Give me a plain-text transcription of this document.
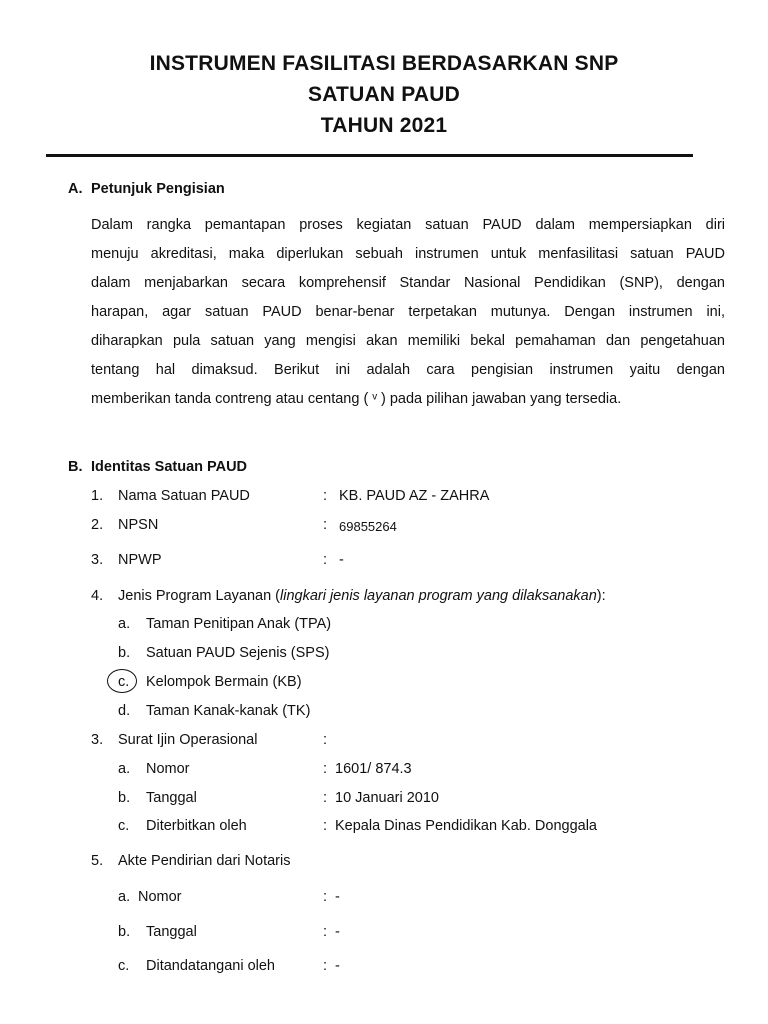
INSTRUMEN FASILITASI BERDASARKAN SNP
SATUAN PAUD
TAHUN 2021
A. Petunjuk Pengisian
Dalam rangka pemantapan proses kegiatan satuan PAUD dalam mempersiapkan diri
menuju akreditasi, maka diperlukan sebuah instrumen untuk menfasilitasi satuan PAUD
dalam menjabarkan secara komprehensif Standar Nasional Pendidikan (SNP), dengan
harapan, agar satuan PAUD benar-benar terpetakan mutunya. Dengan instrumen ini,
diharapkan pula satuan yang mengisi akan memiliki bekal pemahaman dan pengetahuan
tentang hal dimaksud. Berikut ini adalah cara pengisian instrumen yaitu dengan
memberikan tanda contreng atau centang ( ᵛ ) pada pilihan jawaban yang tersedia.
B. Identitas Satuan PAUD
1. Nama Satuan PAUD	: KB. PAUD AZ - ZAHRA
2. NPSN	: 69855264
3. NPWP	: -
4. Jenis Program Layanan (lingkari jenis layanan program yang dilaksanakan):
a. Taman Penitipan Anak (TPA)
b. Satuan PAUD Sejenis (SPS)
c. Kelompok Bermain (KB)
d. Taman Kanak-kanak (TK)
3. Surat Ijin Operasional	:
a. Nomor	: 1601/ 874.3
b. Tanggal	: 10 Januari 2010
c. Diterbitkan oleh	: Kepala Dinas Pendidikan Kab. Donggala
5. Akte Pendirian dari Notaris
a. Nomor	: -
b. Tanggal	: -
c. Ditandatangani oleh	: -
